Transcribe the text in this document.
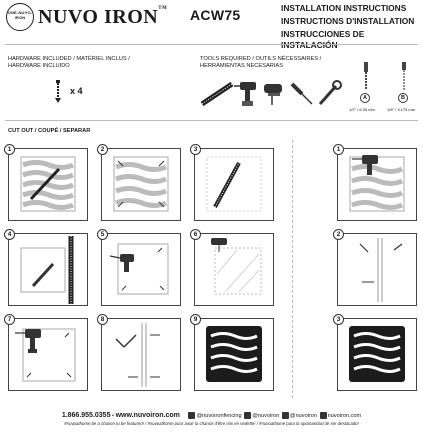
ONE-NUVO-IRON NUVO IRON™ ACW75	INSTALLATION INSTRUCTIONS
INSTRUCTIONS D'INSTALLATION
INSTRUCCIONES DE INSTALACIÓN
HARDWARE INCLUDED / MATÉRIEL INCLUS /
HARDWARE INCLUIDO
x 4
TOOLS REQUIRED / OUTILS NÉCESSAIRES /
HERRAMIENTAS NECESARIAS
A
1/2" / 6.35 mm
B
1/8" / 3.175 mm
CUT OUT / COUPÉ / SEPARAR
1	2	3
4	5	6
7	8	9
1
2
3
1.866.955.0355 • www.nuvoiron.com	@nuvoironfencing @nuvoiron @nuvoiron nuvoiron.com
#nuvoathome be a chance to be featured! / #nuvoathome pour avoir la chance d'être mis en vedette! / #nuvoathome para la oportunidad de ser destacado!
